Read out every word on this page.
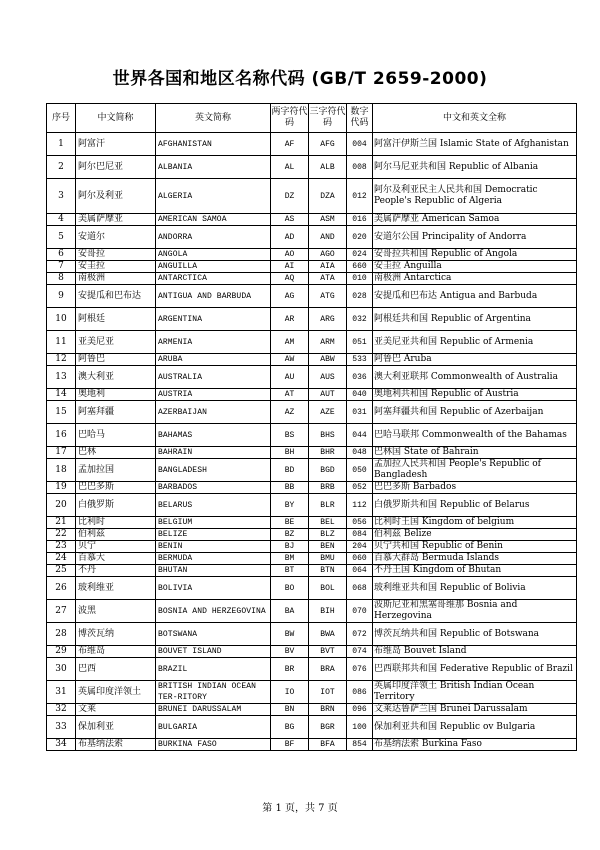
世界各国和地区名称代码 (GB/T 2659-2000)
序号	中文简称	英文简称	两字符代码	三字符代码	数字代码	中文和英文全称
1	阿富汗	AFGHANISTAN	AF	AFG	004	阿富汗伊斯兰国 Islamic State of Afghanistan
2	阿尔巴尼亚	ALBANIA	AL	ALB	008	阿尔马尼亚共和国 Republic of Albania
3	阿尔及利亚	ALGERIA	DZ	DZA	012	阿尔及利亚民主人民共和国 Democratic People's Republic of Algeria
4	美属萨摩亚	AMERICAN SAMOA	AS	ASM	016	美属萨摩亚 American Samoa
5	安道尔	ANDORRA	AD	AND	020	安道尔公国 Principality of Andorra
6	安哥拉	ANGOLA	AO	AGO	024	安哥拉共和国 Republic of Angola
7	安圭拉	ANGUILLA	AI	AIA	660	安圭拉 Anguilla
8	南极洲	ANTARCTICA	AQ	ATA	010	南极洲 Antarctica
9	安提瓜和巴布达	ANTIGUA AND BARBUDA	AG	ATG	028	安提瓜和巴布达 Antigua and Barbuda
10	阿根廷	ARGENTINA	AR	ARG	032	阿根廷共和国 Republic of Argentina
11	亚美尼亚	ARMENIA	AM	ARM	051	亚美尼亚共和国 Republic of Armenia
12	阿鲁巴	ARUBA	AW	ABW	533	阿鲁巴 Aruba
13	澳大利亚	AUSTRALIA	AU	AUS	036	澳大利亚联邦 Commonwealth of Australia
14	奥地利	AUSTRIA	AT	AUT	040	奥地利共和国 Republic of Austria
15	阿塞拜疆	AZERBAIJAN	AZ	AZE	031	阿塞拜疆共和国 Republic of Azerbaijan
16	巴哈马	BAHAMAS	BS	BHS	044	巴哈马联邦 Commonwealth of the Bahamas
17	巴林	BAHRAIN	BH	BHR	048	巴林国 State of Bahrain
18	孟加拉国	BANGLADESH	BD	BGD	050	孟加拉人民共和国 People's Republic of Bangladesh
19	巴巴多斯	BARBADOS	BB	BRB	052	巴巴多斯 Barbados
20	白俄罗斯	BELARUS	BY	BLR	112	白俄罗斯共和国 Republic of Belarus
21	比利时	BELGIUM	BE	BEL	056	比利时王国 Kingdom of belgium
22	伯利兹	BELIZE	BZ	BLZ	084	伯利兹 Belize
23	贝宁	BENIN	BJ	BEN	204	贝宁共和国 Republic of Benin
24	百慕大	BERMUDA	BM	BMU	060	百慕大群岛 Bermuda Islands
25	不丹	BHUTAN	BT	BTN	064	不丹王国 Kingdom of Bhutan
26	玻利维亚	BOLIVIA	BO	BOL	068	玻利维亚共和国 Republic of Bolivia
27	波黑	BOSNIA AND HERZEGOVINA	BA	BIH	070	波斯尼亚和黑塞哥维那 Bosnia and Herzegovina
28	博茨瓦纳	BOTSWANA	BW	BWA	072	博茨瓦纳共和国 Republic of Botswana
29	布维岛	BOUVET ISLAND	BV	BVT	074	布维岛 Bouvet Island
30	巴西	BRAZIL	BR	BRA	076	巴西联邦共和国 Federative Republic of Brazil
31	英属印度洋领土	BRITISH INDIAN OCEAN TER-RITORY	IO	IOT	086	英属印度洋领土 British Indian Ocean Territory
32	文莱	BRUNEI DARUSSALAM	BN	BRN	096	文莱达鲁萨兰国 Brunei Darussalam
33	保加利亚	BULGARIA	BG	BGR	100	保加利亚共和国 Republic ov Bulgaria
34	布基纳法索	BURKINA FASO	BF	BFA	854	布基纳法索 Burkina Faso
第 1 页，共 7 页
